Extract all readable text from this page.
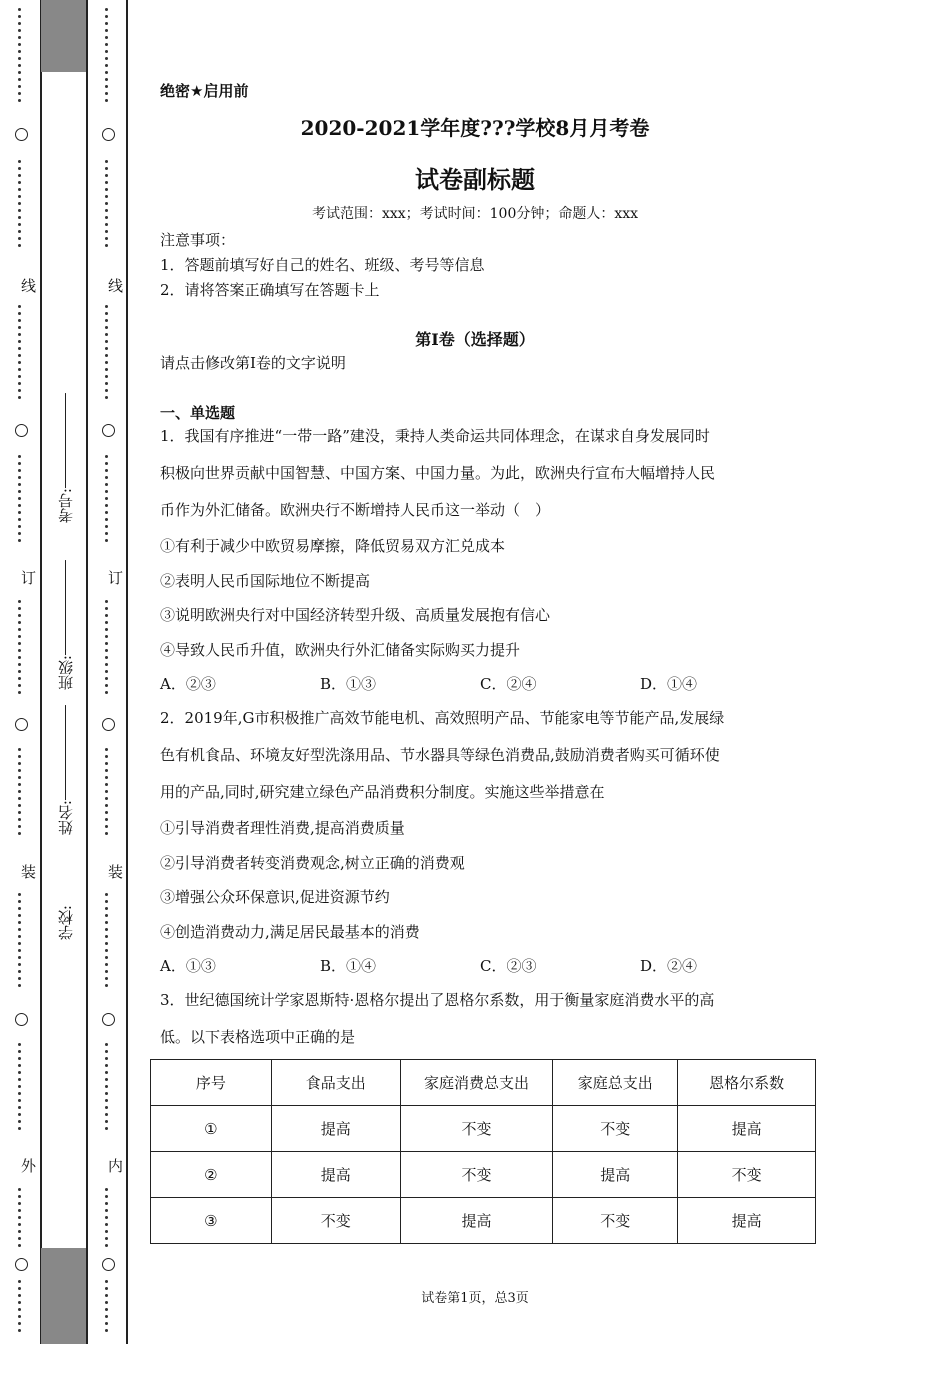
线
订
装
外
线
订
装
内
学校:
姓名:
班级:
考号:
绝密★启用前
2020-2021学年度???学校8月月考卷
试卷副标题
考试范围：xxx；考试时间：100分钟；命题人：xxx
注意事项：
1．答题前填写好自己的姓名、班级、考号等信息
2．请将答案正确填写在答题卡上
第I卷（选择题）
请点击修改第I卷的文字说明
一、单选题

1．我国有序推进“一带一路”建没，秉持人类命运共同体理念，在谋求自身发展同时

积极向世界贡献中国智慧、中国方案、中国力量。为此，欧洲央行宣布大幅增持人民

币作为外汇储备。欧洲央行不断增持人民币这一举动（　）

①有利于减少中欧贸易摩擦，降低贸易双方汇兑成本

②表明人民币国际地位不断提高

③说明欧洲央行对中国经济转型升级、高质量发展抱有信心

④导致人民币升值，欧洲央行外汇储备实际购买力提升

A．②③	B．①③	C．②④	D．①④

2．2019年,G市积极推广高效节能电机、高效照明产品、节能家电等节能产品,发展绿

色有机食品、环境友好型洗涤用品、节水器具等绿色消费品,鼓励消费者购买可循环使

用的产品,同时,研究建立绿色产品消费积分制度。实施这些举措意在

①引导消费者理性消费,提高消费质量

②引导消费者转变消费观念,树立正确的消费观

③增强公众环保意识,促进资源节约

④创造消费动力,满足居民最基本的消费

A．①③	B．①④	C．②③	D．②④

3．世纪德国统计学家恩斯特·恩格尔提出了恩格尔系数，用于衡量家庭消费水平的高

低。以下表格选项中正确的是

序号	食品支出	家庭消费总支出	家庭总支出	恩格尔系数
①	提高	不变	不变	提高
②	提高	不变	提高	不变
③	不变	提高	不变	提高
试卷第1页，总3页
